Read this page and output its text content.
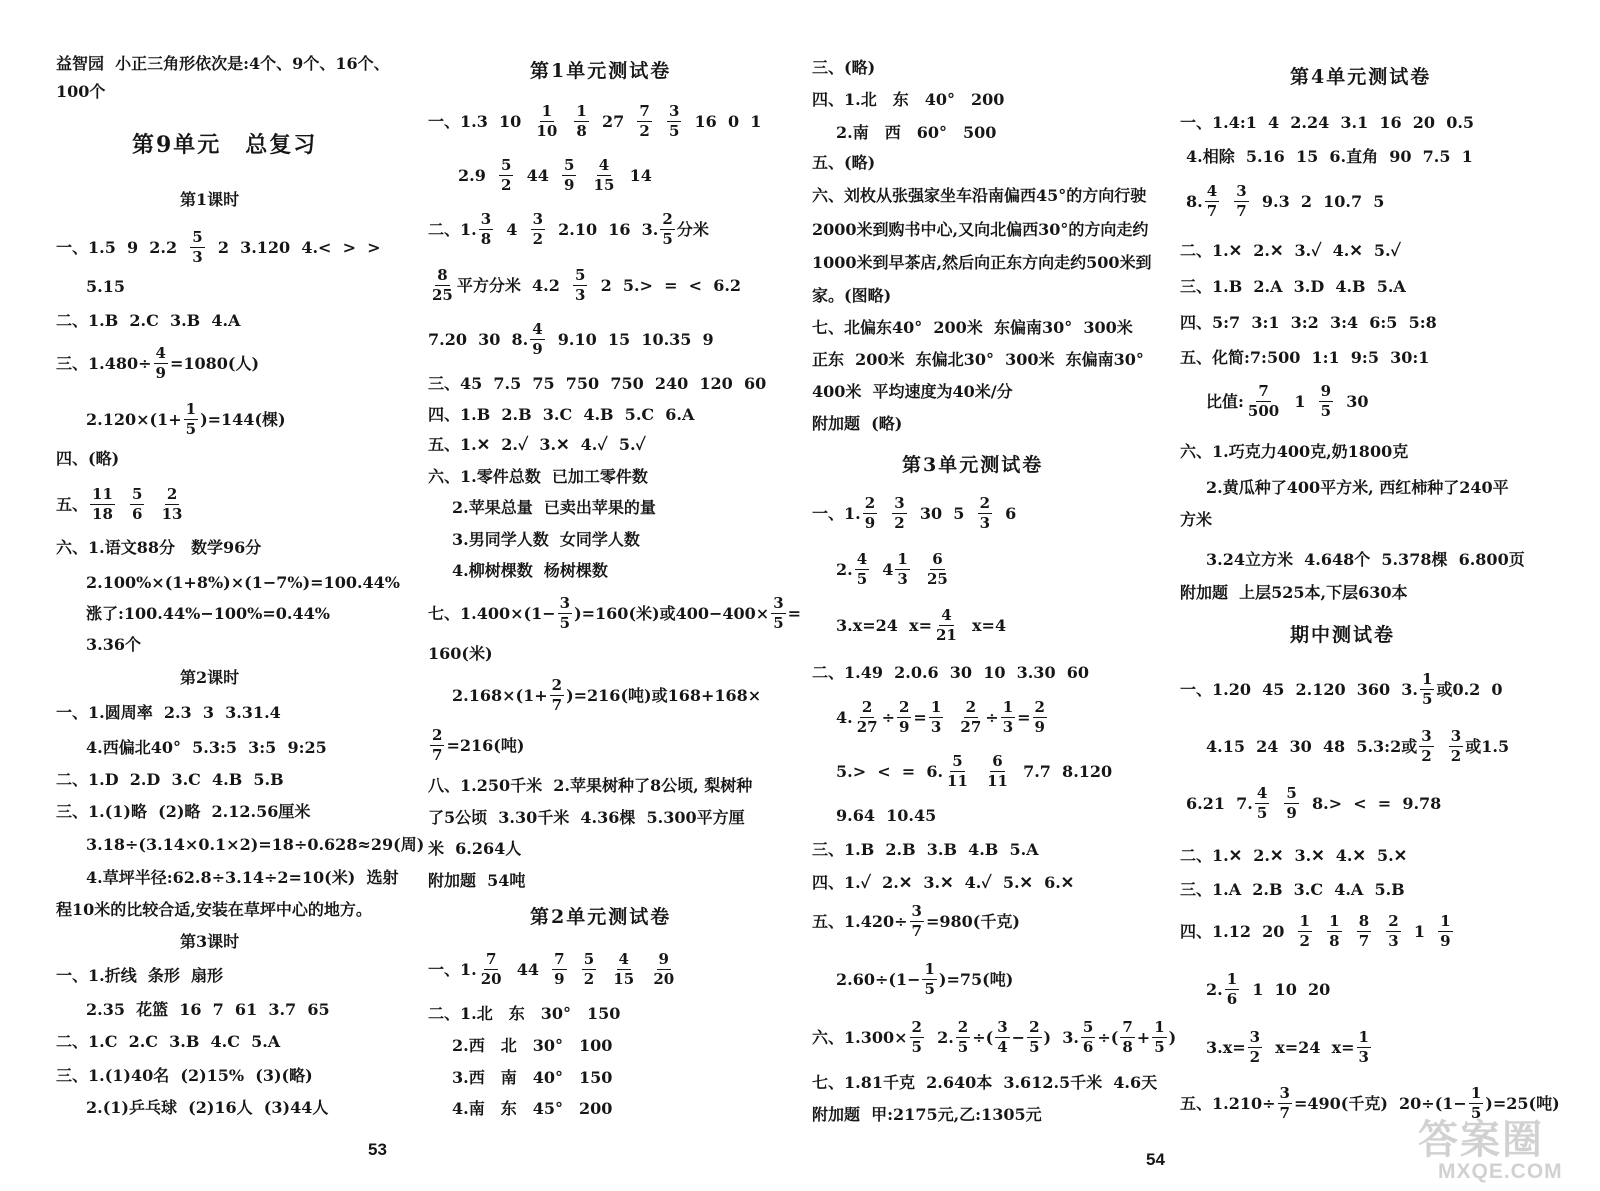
益智园  小正三角形依次是:4个、9个、16个、
100个
第9单元　总复习
第1课时
一、1.5  9  $2.2 \frac{5}{3} 2$  3.120  4.<  >  >
5.15
二、1.B  2.C  3.B  4.A
三、$1.480\div \frac{4}{9} =1080$(人)
$2.120\times(1+ \frac{1}{5} )=144$(棵)
四、(略)
五、 $\frac{11}{18}$
$\frac{5}{6}$
$\frac{2}{13}$
六、1.语文88分　数学96分
2.100%×(1+8%)×(1−7%)=100.44%
涨了:100.44%−100%=0.44%
3.36个
第2课时
一、1.圆周率  2.3  3  3.31.4
4.西偏北40°  5.3:5  3:5  9:25
二、1.D  2.D  3.C  4.B  5.B
三、1.(1)略  (2)略  2.12.56厘米
3.18÷(3.14×0.1×2)=18÷0.628≈29(周)
4.草坪半径:62.8÷3.14÷2=10(米)  选射
程10米的比较合适,安装在草坪中心的地方。
第3课时
一、1.折线  条形  扇形
2.35  花篮  16  7  61  3.7  65
二、1.C  2.C  3.B  4.C  5.A
三、1.(1)40名  (2)15%  (3)(略)
2.(1)乒乓球  (2)16人  (3)44人
第1单元测试卷
一、1.3  $10 \frac{1}{10}$
$\frac{1}{8} 27 \frac{7}{2}$
$\frac{3}{5} 16$  0  1
$2.9 \frac{5}{2} 44 \frac{5}{9}$
$\frac{4}{15} 14$
二、1. $\frac{3}{8} 4 \frac{3}{2} 2.10$  16  3. $\frac{2}{5}$ 分米
$\frac{8}{25}$ 平方分米  $4.2 \frac{5}{3} 2$  5.>  =  <  6.2
7.20  30  8. $\frac{4}{9} 9.10$  15  10.35  9
三、45  7.5  75  750  750  240  120  60
四、1.B  2.B  3.C  4.B  5.C  6.A
五、1.✕  2.✓  3.✕  4.✓  5.✓
六、1.零件总数  已加工零件数
2.苹果总量  已卖出苹果的量
3.男同学人数  女同学人数
4.柳树棵数  杨树棵数
七、$1.400\times(1- \frac{3}{5} )=160$(米)或$400-400\times \frac{3}{5}$ =
160(米)
$2.168\times(1+ \frac{2}{7} )=216$(吨)或168+168×
$\frac{2}{7} =216$(吨)
八、1.250千米  2.苹果树种了8公顷, 梨树种
了5公顷  3.30千米  4.36棵  5.300平方厘
米  6.264人
附加题  54吨
第2单元测试卷
一、1. $\frac{7}{20} 44 \frac{7}{9}$
$\frac{5}{2}$
$\frac{4}{15}$
$\frac{9}{20}$
二、1.北　东　30°　150
2.西　北　30°　100
3.西　南　40°　150
4.南　东　45°　200
三、(略)
四、1.北　东　40°　200
2.南　西　60°　500
五、(略)
六、刘枚从张强家坐车沿南偏西45°的方向行驶
2000米到购书中心,又向北偏西30°的方向走约
1000米到早茶店,然后向正东方向走约500米到
家。(图略)
七、北偏东40°  200米  东偏南30°  300米
正东  200米  东偏北30°  300米  东偏南30°
400米  平均速度为40米/分
附加题  (略)
第3单元测试卷
一、1. $\frac{2}{9}$
$\frac{3}{2} 30$  $5 \frac{2}{3} 6$
2. $\frac{4}{5} 4 \frac{1}{3}$
$\frac{6}{25}$
3.x=24  $x= \frac{4}{21} x=4$
二、1.49  2.0.6  30  10  3.30  60
4. $\frac{2}{27} \div \frac{2}{9} = \frac{1}{3}$
$\frac{2}{27} \div \frac{1}{3} = \frac{2}{9}$
5.>  <  =  6. $\frac{5}{11}$
$\frac{6}{11} 7.7$  8.120
9.64  10.45
三、1.B  2.B  3.B  4.B  5.A
四、1.✓  2.✕  3.✕  4.✓  5.✕  6.✕
五、$1.420\div \frac{3}{7} =980$(千克)
$2.60\div(1- \frac{1}{5} )=75$(吨)
六、$1.300\times \frac{2}{5} 2$. $\frac{2}{5}$ ÷( $\frac{3}{4} - \frac{2}{5}$ )  3. $\frac{5}{6}$ ÷( $\frac{7}{8} + \frac{1}{5}$ )
七、1.81千克  2.640本  3.612.5千米  4.6天
附加题  甲:2175元,乙:1305元
第4单元测试卷
一、1.4:1  4  2.24  3.1  16  20  0.5
4.相除  5.16  15  6.直角  90  7.5  1
8. $\frac{4}{7}$
$\frac{3}{7} 9.3$  2  10.7  5
二、1.✕  2.✕  3.✓  4.✕  5.✓
三、1.B  2.A  3.D  4.B  5.A
四、5:7  3:1  3:2  3:4  6:5  5:8
五、化简:7:500  1:1  9:5  30:1
比值: $\frac{7}{500} 1 \frac{9}{5} 30$
六、1.巧克力400克,奶1800克
2.黄瓜种了400平方米, 西红柿种了240平
方米
3.24立方米  4.648个  5.378棵  6.800页
附加题  上层525本,下层630本
期中测试卷
一、1.20  45  2.120  360  3. $\frac{1}{5}$ 或0.2  0
4.15  24  30  48  5.3:2或 $\frac{3}{2}$
$\frac{3}{2}$ 或1.5
6.21  7. $\frac{4}{5}$
$\frac{5}{9} 8.>$  <  =  9.78
二、1.✕  2.✕  3.✕  4.✕  5.✕
三、1.A  2.B  3.C  4.A  5.B
四、1.12  $20 \frac{1}{2}$
$\frac{1}{8}$
$\frac{8}{7}$
$\frac{2}{3} 1 \frac{1}{9}$
2. $\frac{1}{6} 1$  10  20
$3.x= \frac{3}{2} x=24$  $x= \frac{1}{3}$
五、$1.210\div \frac{3}{7} =490$(千克)  $20\div(1- \frac{1}{5} )=25$(吨)
53
54	答案圈
MXQE.COM
